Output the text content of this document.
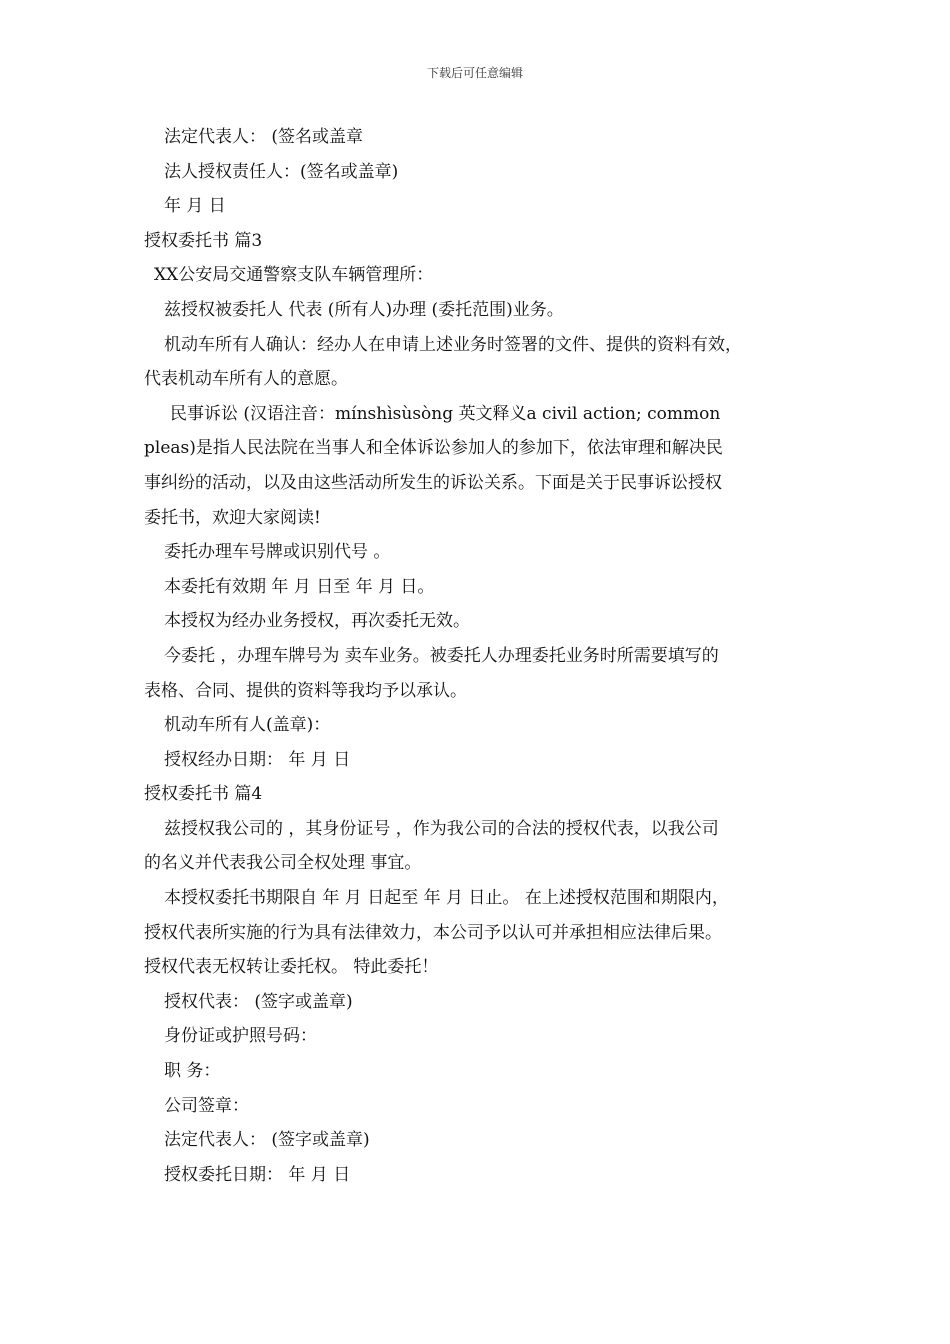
下载后可任意编辑
法定代表人： (签名或盖章
法人授权责任人：(签名或盖章)
年 月 日
授权委托书 篇3
XX公安局交通警察支队车辆管理所：
兹授权被委托人 代表 (所有人)办理 (委托范围)业务。
机动车所有人确认：经办人在申请上述业务时签署的文件、提供的资料有效，
代表机动车所有人的意愿。
民事诉讼 (汉语注音：mínshìsùsòng 英文释义a civil action; common
pleas)是指人民法院在当事人和全体诉讼参加人的参加下，依法审理和解决民
事纠纷的活动，以及由这些活动所发生的诉讼关系。下面是关于民事诉讼授权
委托书，欢迎大家阅读!
委托办理车号牌或识别代号 。
本委托有效期 年 月 日至 年 月 日。
本授权为经办业务授权，再次委托无效。
今委托 ，办理车牌号为 卖车业务。被委托人办理委托业务时所需要填写的
表格、合同、提供的资料等我均予以承认。
机动车所有人(盖章)：
授权经办日期： 年 月 日
授权委托书 篇4
兹授权我公司的 ，其身份证号 ，作为我公司的合法的授权代表，以我公司
的名义并代表我公司全权处理 事宜。
本授权委托书期限自 年 月 日起至 年 月 日止。 在上述授权范围和期限内，
授权代表所实施的行为具有法律效力，本公司予以认可并承担相应法律后果。
授权代表无权转让委托权。 特此委托！
授权代表： (签字或盖章)
身份证或护照号码：
职 务：
公司签章：
法定代表人： (签字或盖章)
授权委托日期： 年 月 日
